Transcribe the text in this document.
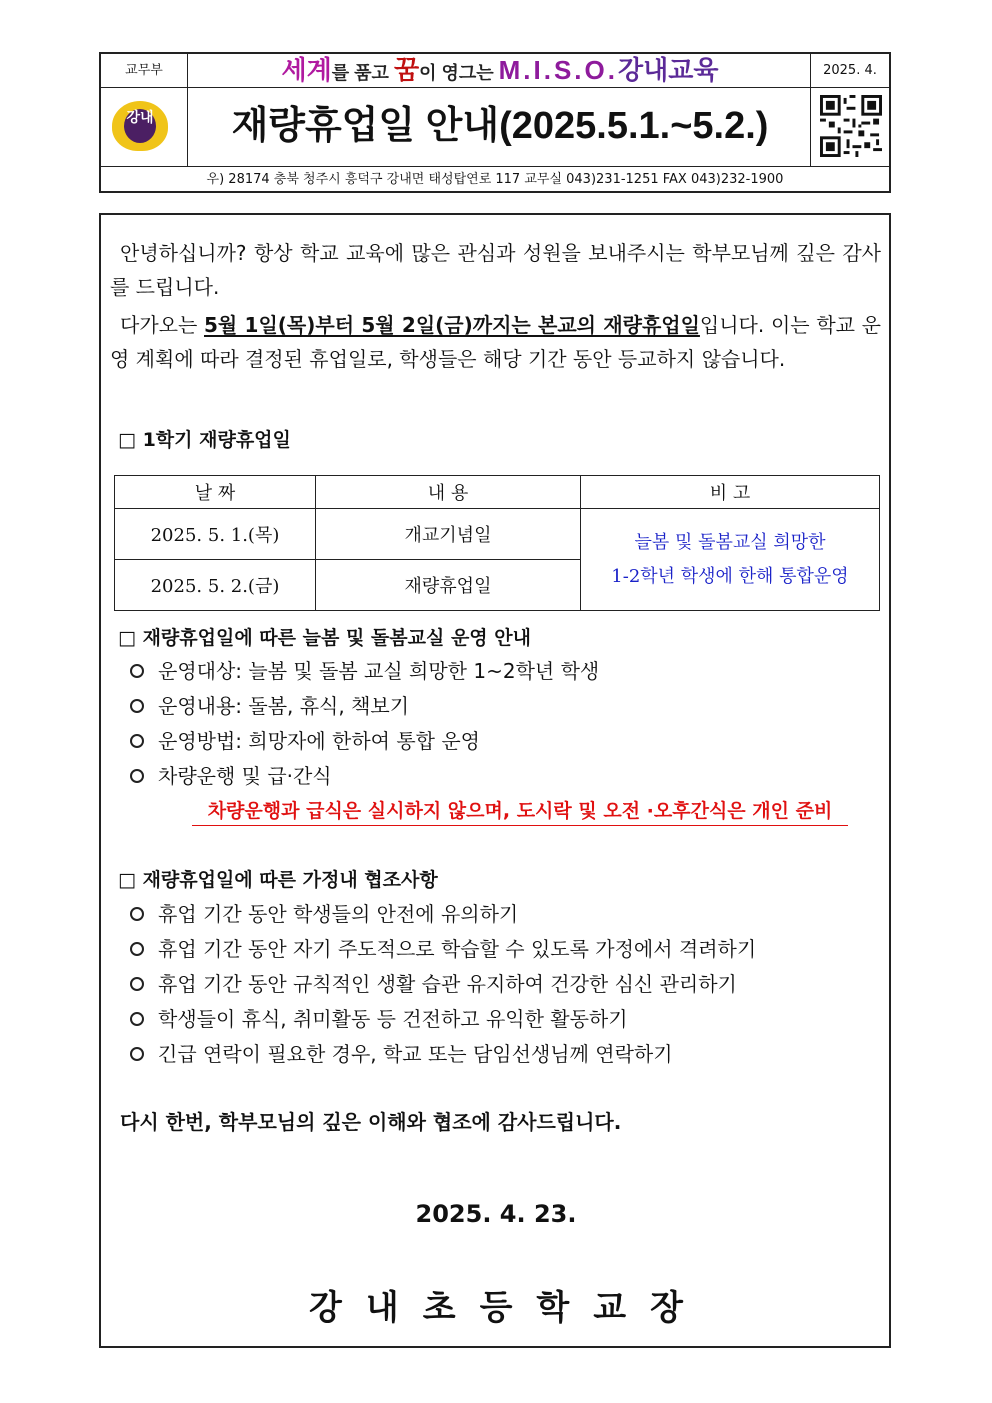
교무부	세계를 품고 꿈이 영그는 M.I.S.O.강내교육	2025. 4.
강내	재량휴업일 안내(2025.5.1.~5.2.)
우) 28174 충북 청주시 흥덕구 강내면 태성탑연로 117 교무실 043)231-1251 FAX 043)232-1900
안녕하십니까? 항상 학교 교육에 많은 관심과 성원을 보내주시는 학부모님께 깊은 감사를 드립니다.
다가오는 5월 1일(목)부터 5월 2일(금)까지는 본교의 재량휴업일입니다. 이는 학교 운영 계획에 따라 결정된 휴업일로, 학생들은 해당 기간 동안 등교하지 않습니다.
□ 1학기 재량휴업일
날 짜	내 용	비 고
2025. 5. 1.(목)	개교기념일	늘봄 및 돌봄교실 희망한
1-2학년 학생에 한해 통합운영

2025. 5. 2.(금)	재량휴업일	
□ 재량휴업일에 따른 늘봄 및 돌봄교실 운영 안내
운영대상: 늘봄 및 돌봄 교실 희망한 1~2학년 학생
운영내용: 돌봄, 휴식, 책보기
운영방법: 희망자에 한하여 통합 운영
차량운행 및 급·간식
차량운행과 급식은 실시하지 않으며, 도시락 및 오전 ·오후간식은 개인 준비
□ 재량휴업일에 따른 가정내 협조사항
휴업 기간 동안 학생들의 안전에 유의하기
휴업 기간 동안 자기 주도적으로 학습할 수 있도록 가정에서 격려하기
휴업 기간 동안 규칙적인 생활 습관 유지하여 건강한 심신 관리하기
학생들이 휴식, 취미활동 등 건전하고 유익한 활동하기
긴급 연락이 필요한 경우, 학교 또는 담임선생님께 연락하기
다시 한번, 학부모님의 깊은 이해와 협조에 감사드립니다.
2025. 4. 23.
강내초등학교장
